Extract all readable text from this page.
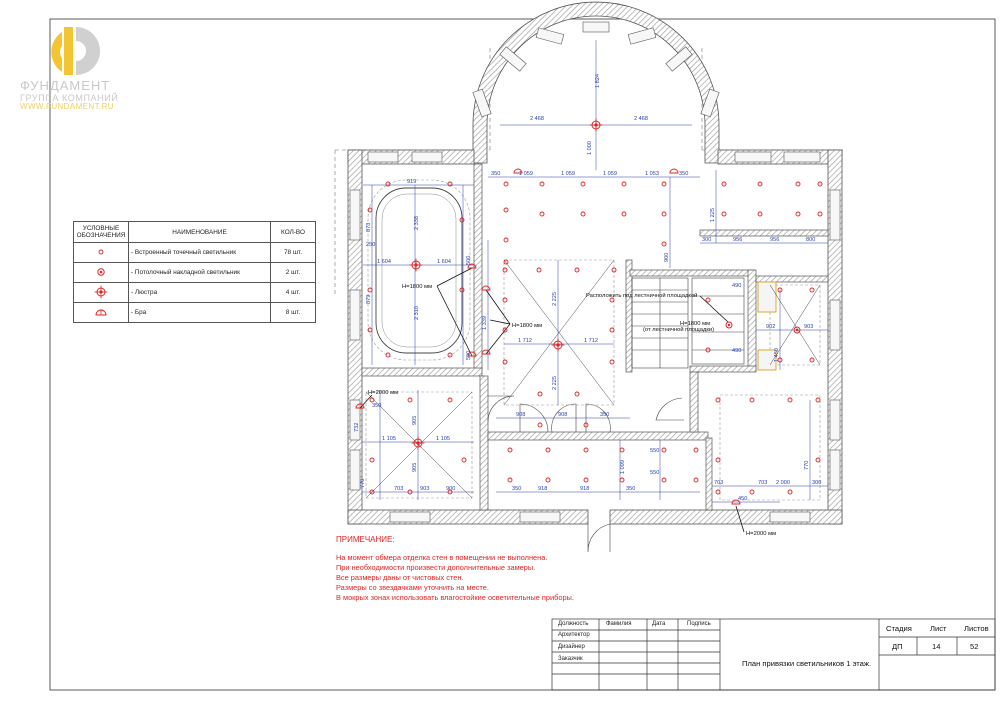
1 824
2 468	2 468
1 000
350	1 059	1 059	1 059	1 053	350
919
2 338
2 310
1 604	1 604
250
873
879
500
500
1 339
1 712	1 712
2 225
2 225
900
1 225
956	956
300	800
490
490
902	903
1 450
1 105	1 105
905
905
770
703	903	900
350
732
908	908	350
350	918	918	350
1 099
550
550
703	703
450
2 000
770
300
H=1800 мм
H=1800 мм
H=2000 мм
H=2000 мм
Расположить под лестничной площадкой
H=1800 мм
(от лестничной площадки)
ФУНДАМЕНТ
ГРУППА КОМПАНИЙ
WWW.FUNDAMENT.RU
УСЛОВНЫЕ ОБОЗНАЧЕНИЯ	НАИМЕНОВАНИЕ	КОЛ-ВО
	- Встроенный точечный светильник	78 шт.
	- Потолочный накладной светильник	2 шт.
	- Люстра	4 шт.
	- Бра	8 шт.
ПРИМЕЧАНИЕ:
На момент обмера отделка стен в помещении не выполнена.
При необходимости произвести дополнительные замеры.
Все размеры даны от чистовых стен.
Размеры со звездачками уточнить на месте.
В мокрых зонах использовать влагостойкие осветительные приборы.
Должность	Фамилия	Дата	Подпись
Архитектор
Дизайнер
Заказчик
Стадия Лист Листов
ДП	14	52
План привязки светильников 1 этаж.
